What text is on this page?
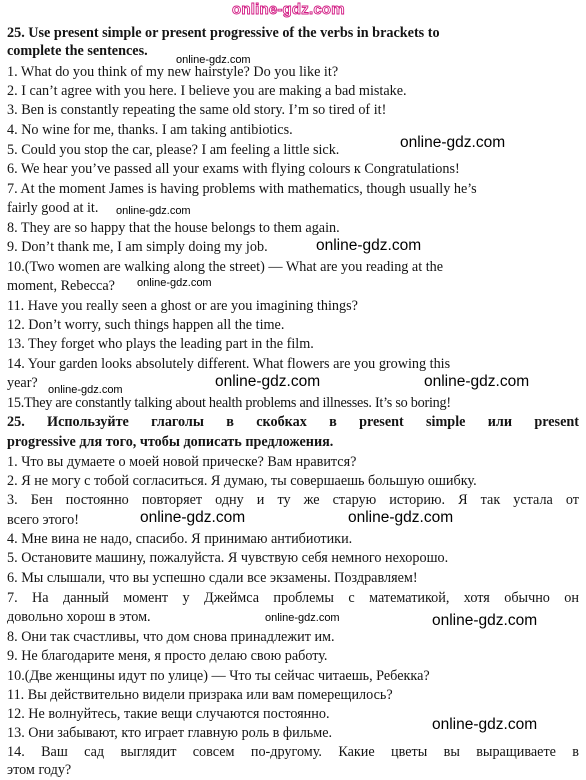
online-gdz.com
25. Use present simple or present progressive of the verbs in brackets to
complete the sentences.
1. What do you think of my new hairstyle? Do you like it?
2. I can’t agree with you here. I believe you are making a bad mistake.
3. Ben is constantly repeating the same old story. I’m so tired of it!
4. No wine for me, thanks. I am taking antibiotics.
5. Could you stop the car, please? I am feeling a little sick.
6. We hear you’ve passed all your exams with flying colours к Congratulations!
7. At the moment James is having problems with mathematics, though usually he’s
fairly good at it.
8. They are so happy that the house belongs to them again.
9. Don’t thank me, I am simply doing my job.
10.(Two women are walking along the street) — What are you reading at the
moment, Rebecca?
11. Have you really seen a ghost or are you imagining things?
12. Don’t worry, such things happen all the time.
13. They forget who plays the leading part in the film.
14. Your garden looks absolutely different. What flowers are you growing this
year?
15.They are constantly talking about health problems and illnesses. It’s so boring!
25. Используйте глаголы в скобках в present simple или present
progressive для того, чтобы дописать предложения.
1. Что вы думаете о моей новой прическе? Вам нравится?
2. Я не могу с тобой согласиться. Я думаю, ты совершаешь большую ошибку.
3. Бен постоянно повторяет одну и ту же старую историю. Я так устала от
всего этого!
4. Мне вина не надо, спасибо. Я принимаю антибиотики.
5. Остановите машину, пожалуйста. Я чувствую себя немного нехорошо.
6. Мы слышали, что вы успешно сдали все экзамены. Поздравляем!
7. На данный момент у Джеймса проблемы с математикой, хотя обычно он
довольно хорош в этом.
8. Они так счастливы, что дом снова принадлежит им.
9. Не благодарите меня, я просто делаю свою работу.
10.(Две женщины идут по улице) — Что ты сейчас читаешь, Ребекка?
11. Вы действительно видели призрака или вам померещилось?
12. Не волнуйтесь, такие вещи случаются постоянно.
13. Они забывают, кто играет главную роль в фильме.
14. Ваш сад выглядит совсем по-другому. Какие цветы вы выращиваете в
этом году?
online-gdz.com
online-gdz.com
online-gdz.com
online-gdz.com
online-gdz.com
online-gdz.com	online-gdz.com
online-gdz.com
online-gdz.com	online-gdz.com
online-gdz.com	online-gdz.com
online-gdz.com
